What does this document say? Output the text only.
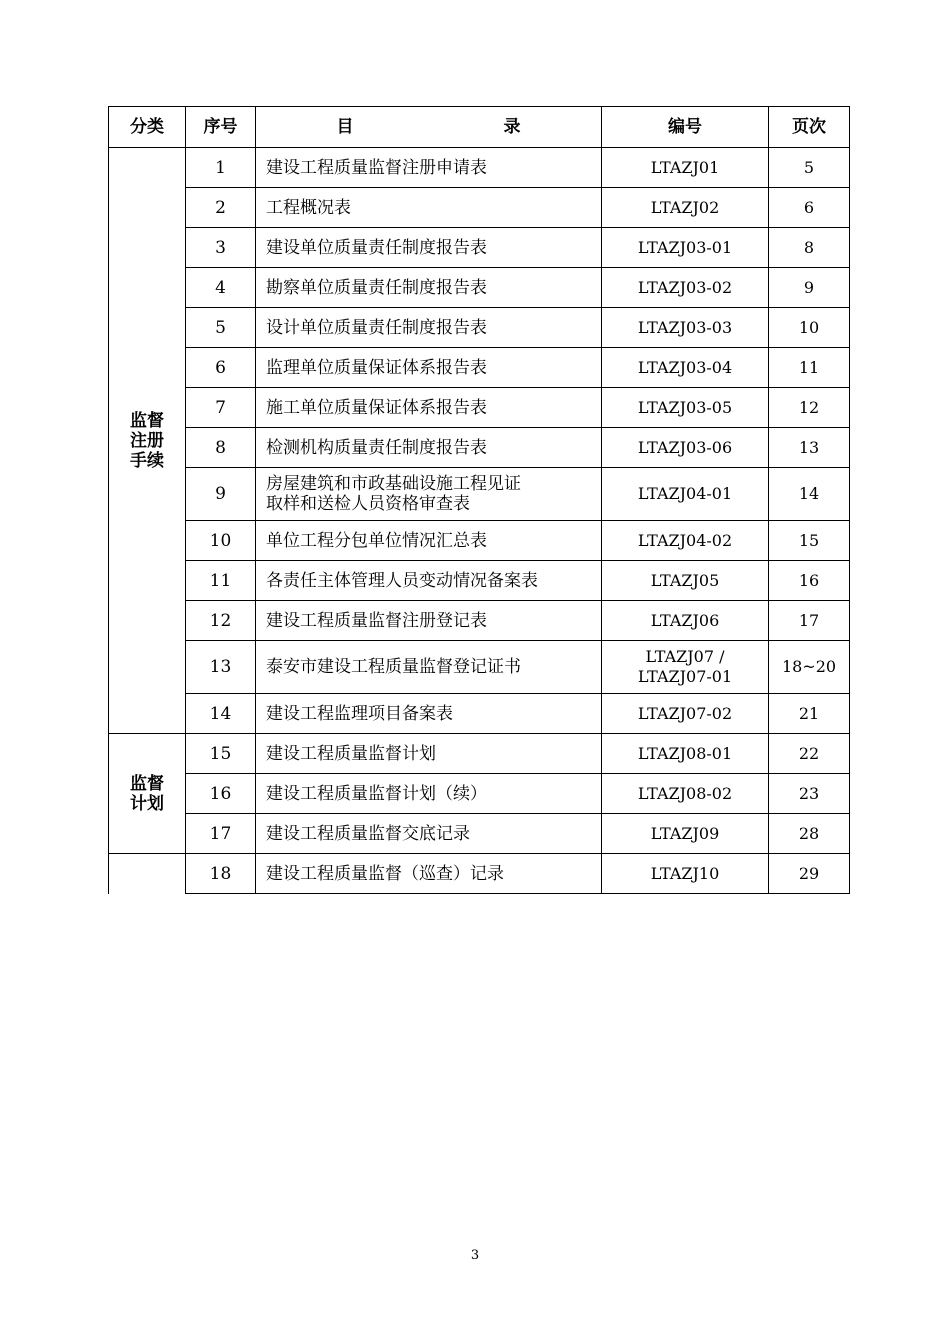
分类	序号	目 录	编号	页次

监督
注册
手续	1	建设工程质量监督注册申请表	LTAZJ01	5
	2	工程概况表	LTAZJ02	6
	3	建设单位质量责任制度报告表	LTAZJ03-01	8
	4	勘察单位质量责任制度报告表	LTAZJ03-02	9
	5	设计单位质量责任制度报告表	LTAZJ03-03	10
	6	监理单位质量保证体系报告表	LTAZJ03-04	11
	7	施工单位质量保证体系报告表	LTAZJ03-05	12
	8	检测机构质量责任制度报告表	LTAZJ03-06	13
	9	房屋建筑和市政基础设施工程见证
取样和送检人员资格审查表	LTAZJ04-01	14
	10	单位工程分包单位情况汇总表	LTAZJ04-02	15
	11	各责任主体管理人员变动情况备案表	LTAZJ05	16
	12	建设工程质量监督注册登记表	LTAZJ06	17
	13	泰安市建设工程质量监督登记证书	LTAZJ07 /
LTAZJ07-01	18~20
	14	建设工程监理项目备案表	LTAZJ07-02	21

监督
计划	15	建设工程质量监督计划	LTAZJ08-01	22
	16	建设工程质量监督计划（续）	LTAZJ08-02	23
	17	建设工程质量监督交底记录	LTAZJ09	28
	18	建设工程质量监督（巡查）记录	LTAZJ10	29
3
